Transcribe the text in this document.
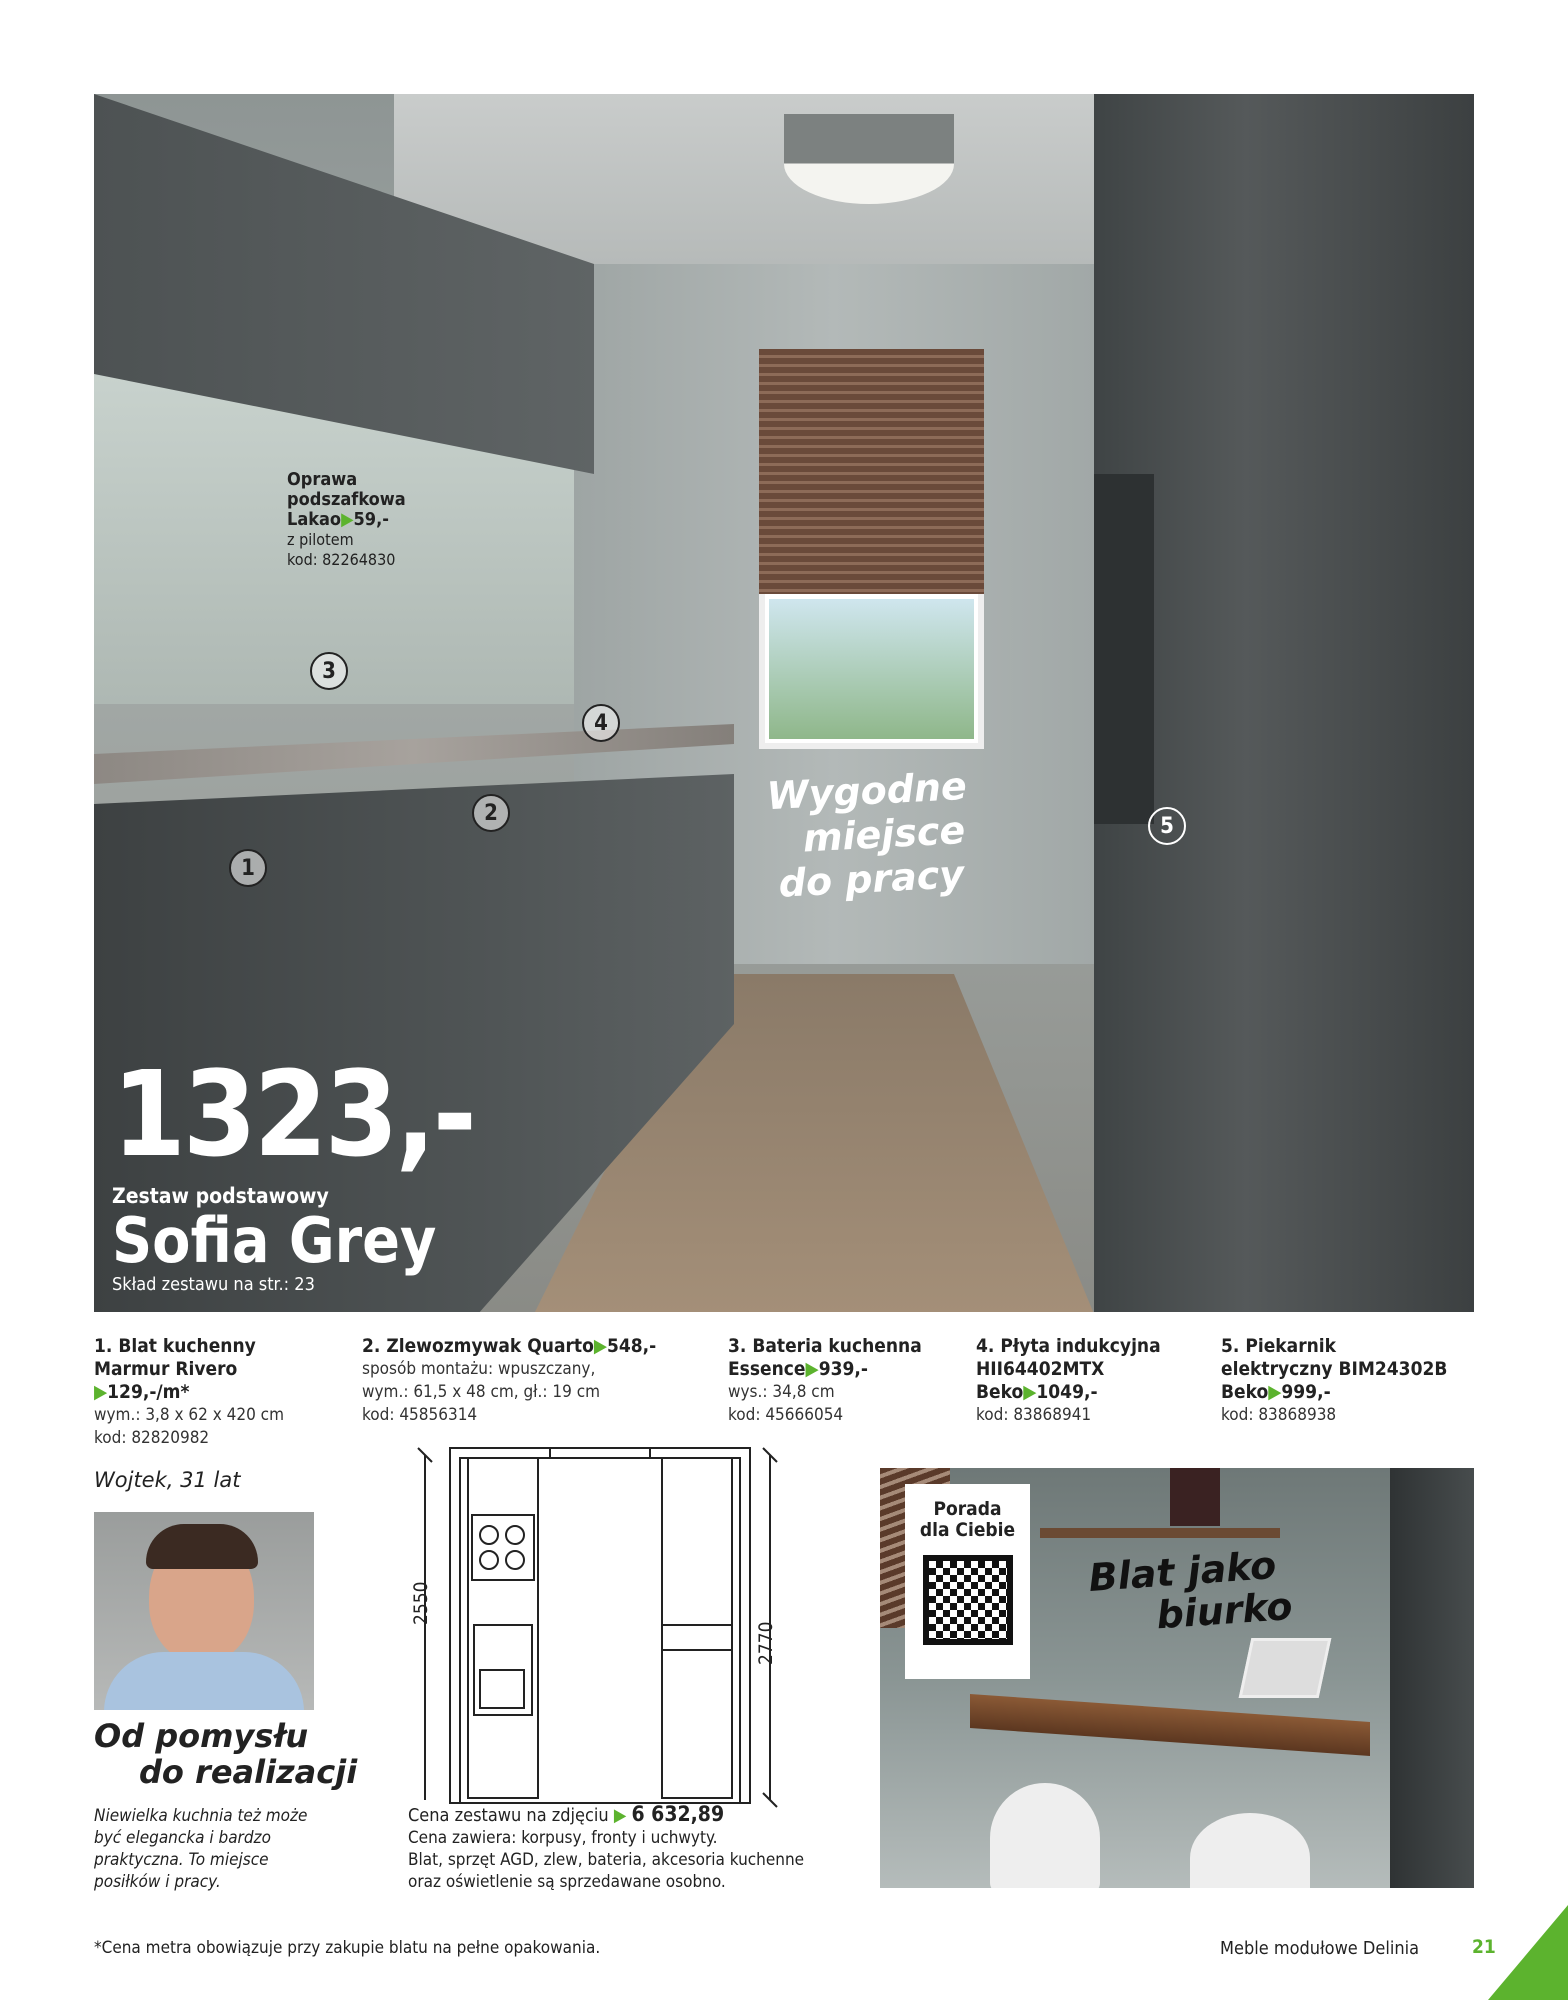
Oprawa
podszafkowa
Lakao▶59,-
z pilotem
kod: 82264830
1
2
3
4
5
Wygodne
miejsce
do pracy
1323,-
Zestaw podstawowy
Sofia Grey
Skład zestawu na str.: 23
1. Blat kuchenny
Marmur Rivero
▶129,-/m*
wym.: 3,8 x 62 x 420 cm
kod: 82820982
2. Zlewozmywak Quarto▶548,-
sposób montażu: wpuszczany,
wym.: 61,5 x 48 cm, gł.: 19 cm
kod: 45856314
3. Bateria kuchenna
Essence▶939,-
wys.: 34,8 cm
kod: 45666054
4. Płyta indukcyjna
HII64402MTX
Beko▶1049,-
kod: 83868941
5. Piekarnik
elektryczny BIM24302B
Beko▶999,-
kod: 83868938
Wojtek, 31 lat
Od pomysłu
do realizacji
Niewielka kuchnia też może
być elegancka i bardzo
praktyczna. To miejsce
posiłków i pracy.
2550
2770
Cena zestawu na zdjęciu ▶ 6 632,89
Cena zawiera: korpusy, fronty i uchwyty.
Blat, sprzęt AGD, zlew, bateria, akcesoria kuchenne
oraz oświetlenie są sprzedawane osobno.
Porada
dla Ciebie
Blat jako
biurko
*Cena metra obowiązuje przy zakupie blatu na pełne opakowania.	Meble modułowe Delinia	21
